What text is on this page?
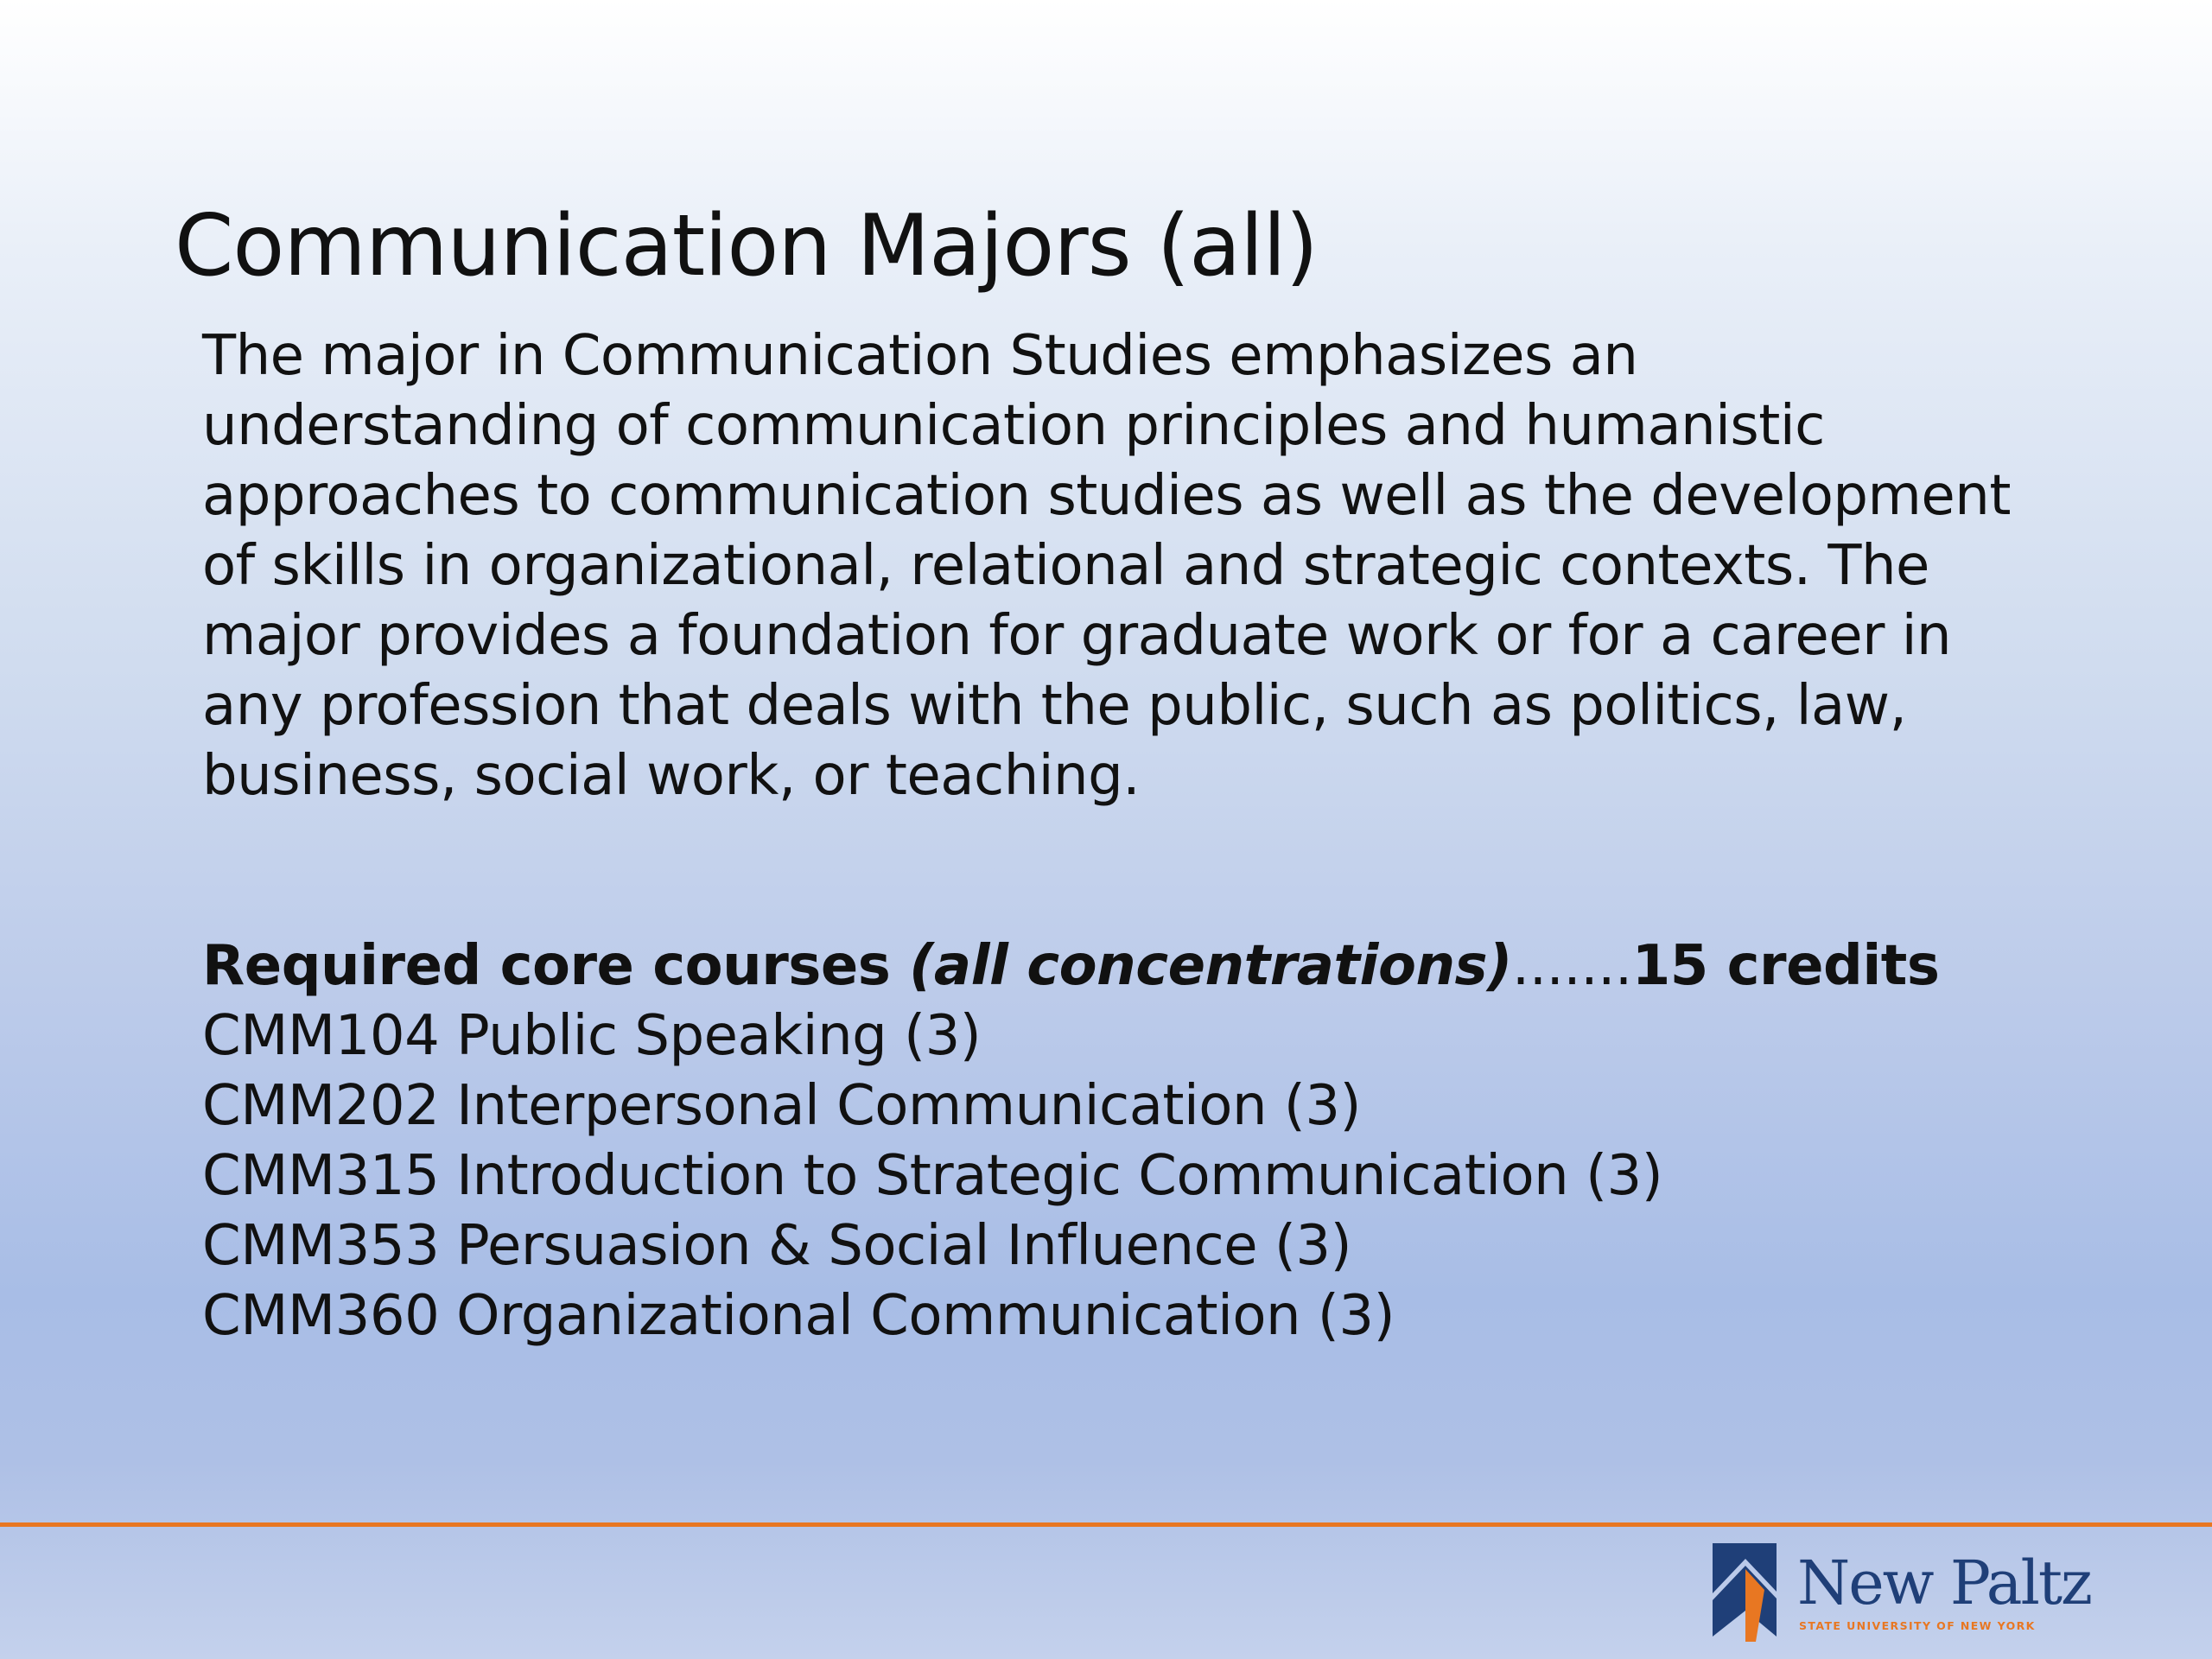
Communication Majors (all)

The major in Communication Studies emphasizes an understanding of communication principles and humanistic approaches to communication studies as well as the development of skills in organizational, relational and strategic contexts. The major provides a foundation for graduate work or for a career in any profession that deals with the public, such as politics, law, business, social work, or teaching.

Required core courses (all concentrations).......15 credits
CMM104 Public Speaking (3)
CMM202 Interpersonal Communication (3)
CMM315 Introduction to Strategic Communication (3)
CMM353 Persuasion & Social Influence (3)
CMM360 Organizational Communication (3)
New Paltz
STATE UNIVERSITY OF NEW YORK
